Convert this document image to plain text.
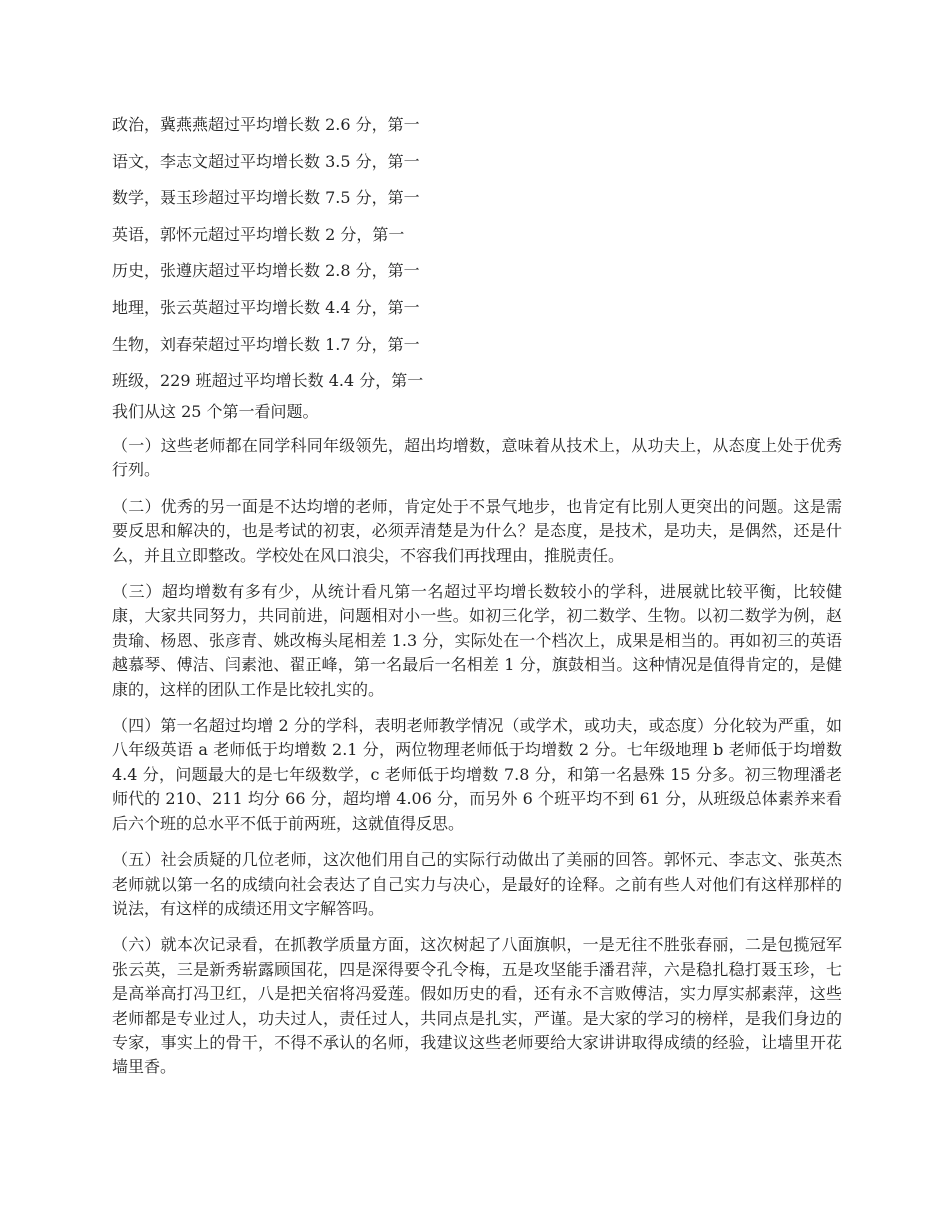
政治，冀燕燕超过平均增长数 2.6 分，第一
语文，李志文超过平均增长数 3.5 分，第一
数学，聂玉珍超过平均增长数 7.5 分，第一
英语，郭怀元超过平均增长数 2 分，第一
历史，张遵庆超过平均增长数 2.8 分，第一
地理，张云英超过平均增长数 4.4 分，第一
生物，刘春荣超过平均增长数 1.7 分，第一
班级，229 班超过平均增长数 4.4 分，第一

我们从这 25 个第一看问题。

（一）这些老师都在同学科同年级领先，超出均增数，意味着从技术上，从功夫上，从态度上处于优秀行列。

（二）优秀的另一面是不达均增的老师，肯定处于不景气地步，也肯定有比别人更突出的问题。这是需要反思和解决的，也是考试的初衷，必须弄清楚是为什么？是态度，是技术，是功夫，是偶然，还是什么，并且立即整改。学校处在风口浪尖，不容我们再找理由，推脱责任。

（三）超均增数有多有少，从统计看凡第一名超过平均增长数较小的学科，进展就比较平衡，比较健康，大家共同努力，共同前进，问题相对小一些。如初三化学，初二数学、生物。以初二数学为例，赵贵瑜、杨恩、张彦青、姚改梅头尾相差 1.3 分，实际处在一个档次上，成果是相当的。再如初三的英语越慕琴、傅洁、闫素池、翟正峰，第一名最后一名相差 1 分，旗鼓相当。这种情况是值得肯定的，是健康的，这样的团队工作是比较扎实的。

（四）第一名超过均增 2 分的学科，表明老师教学情况（或学术，或功夫，或态度）分化较为严重，如八年级英语 a 老师低于均增数 2.1 分，两位物理老师低于均增数 2 分。七年级地理 b 老师低于均增数 4.4 分，问题最大的是七年级数学，c 老师低于均增数 7.8 分，和第一名悬殊 15 分多。初三物理潘老师代的 210、211 均分 66 分，超均增 4.06 分，而另外 6 个班平均不到 61 分，从班级总体素养来看后六个班的总水平不低于前两班，这就值得反思。

（五）社会质疑的几位老师，这次他们用自己的实际行动做出了美丽的回答。郭怀元、李志文、张英杰老师就以第一名的成绩向社会表达了自己实力与决心，是最好的诠释。之前有些人对他们有这样那样的说法，有这样的成绩还用文字解答吗。

（六）就本次记录看，在抓教学质量方面，这次树起了八面旗帜，一是无往不胜张春丽，二是包揽冠军张云英，三是新秀崭露顾国花，四是深得要令孔令梅，五是攻坚能手潘君萍，六是稳扎稳打聂玉珍，七是高举高打冯卫红，八是把关宿将冯爱莲。假如历史的看，还有永不言败傅洁，实力厚实郝素萍，这些老师都是专业过人，功夫过人，责任过人，共同点是扎实，严谨。是大家的学习的榜样，是我们身边的专家，事实上的骨干，不得不承认的名师，我建议这些老师要给大家讲讲取得成绩的经验，让墙里开花墙里香。
